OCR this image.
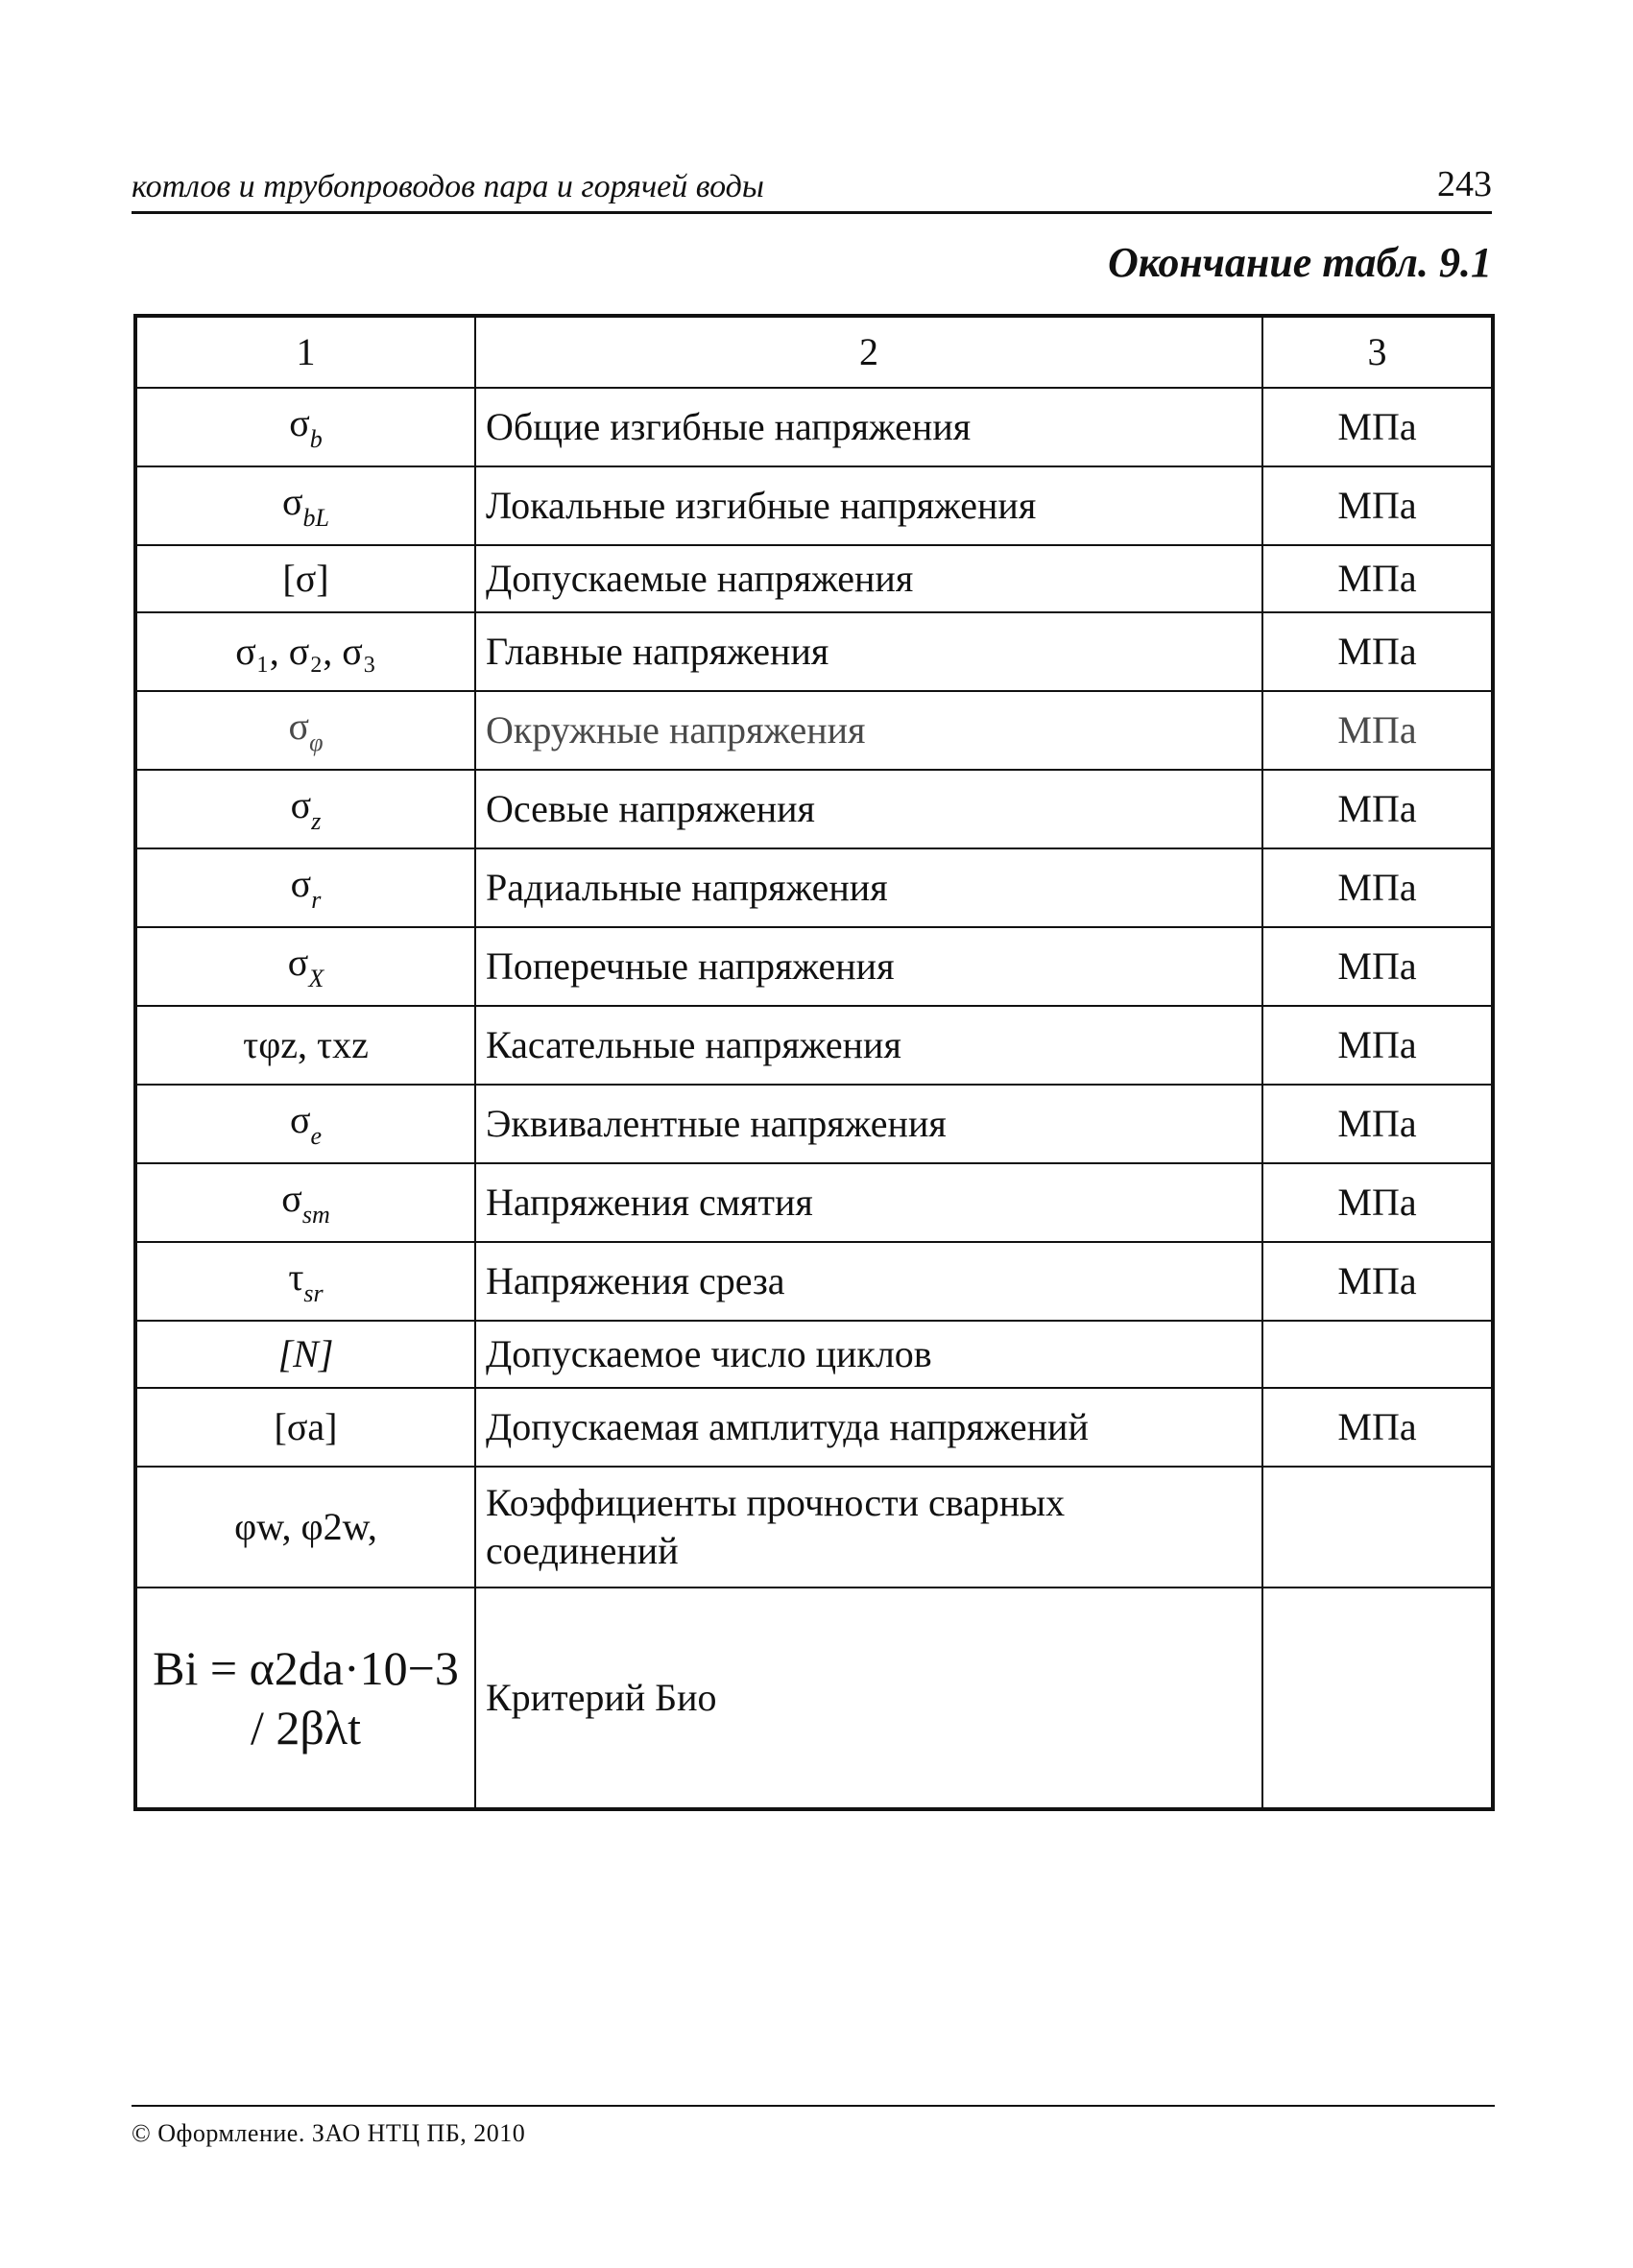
котлов и трубопроводов пара и горячей воды	243
Окончание табл. 9.1
1	2	3
$\sigma_b$	Общие изгибные напряжения	МПа
$\sigma_{bL}$	Локальные изгибные напряжения	МПа
[σ]	Допускаемые напряжения	МПа
σ₁, σ₂, σ₃	Главные напряжения	МПа
$\sigma_\varphi$	Окружные напряжения	МПа
$\sigma_z$	Осевые напряжения	МПа
$\sigma_r$	Радиальные напряжения	МПа
$\sigma_X$	Поперечные напряжения	МПа
τφz, τxz	Касательные напряжения	МПа
$\sigma_e$	Эквивалентные напряжения	МПа
$\sigma_{sm}$	Напряжения смятия	МПа
$\tau_{sr}$	Напряжения среза	МПа
[N]	Допускаемое число циклов	
[σa]	Допускаемая амплитуда напряжений	МПа
φw, φ2w,	Коэффициенты прочности сварных соединений	
Bi = α2da·10−3 / 2βλt	Критерий Био	
© Оформление. ЗАО НТЦ ПБ, 2010
